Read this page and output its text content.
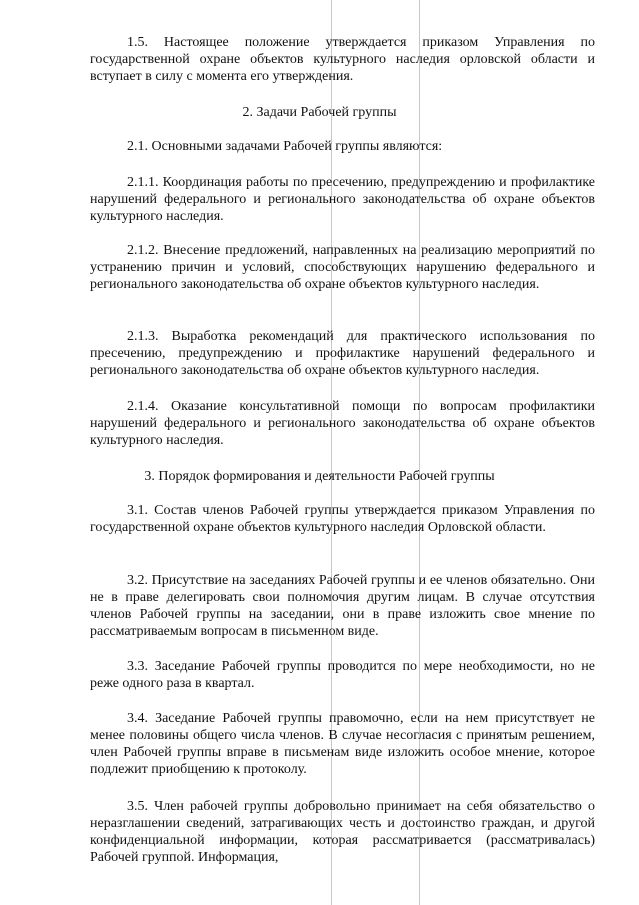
1.5. Настоящее положение утверждается приказом Управления по государственной охране объектов культурного наследия орловской области и вступает в силу с момента его утверждения.

2. Задачи Рабочей группы

2.1. Основными задачами Рабочей группы являются:

2.1.1. Координация работы по пресечению, предупреждению и профилактике нарушений федерального и регионального законодательства об охране объектов культурного наследия.

2.1.2. Внесение предложений, направленных на реализацию мероприятий по устранению причин и условий, способствующих нарушению федерального и регионального законодательства об охране объектов культурного наследия.

2.1.3. Выработка рекомендаций для практического использования по пресечению, предупреждению и профилактике нарушений федерального и регионального законодательства об охране объектов культурного наследия.

2.1.4. Оказание консультативной помощи по вопросам профилактики нарушений федерального и регионального законодательства об охране объектов культурного наследия.

3. Порядок формирования и деятельности Рабочей группы

3.1. Состав членов Рабочей группы утверждается приказом Управления по государственной охране объектов культурного наследия Орловской области.

3.2. Присутствие на заседаниях Рабочей группы и ее членов обязательно. Они не в праве делегировать свои полномочия другим лицам. В случае отсутствия членов Рабочей группы на заседании, они в праве изложить свое мнение по рассматриваемым вопросам в письменном виде.

3.3. Заседание Рабочей группы проводится по мере необходимости, но не реже одного раза в квартал.

3.4. Заседание Рабочей группы правомочно, если на нем присутствует не менее половины общего числа членов. В случае несогласия с принятым решением, член Рабочей группы вправе в письменам виде изложить особое мнение, которое подлежит приобщению к протоколу.

3.5. Член рабочей группы добровольно принимает на себя обязательство о неразглашении сведений, затрагивающих честь и достоинство граждан, и другой конфиденциальной информации, которая рассматривается (рассматривалась) Рабочей группой. Информация,
